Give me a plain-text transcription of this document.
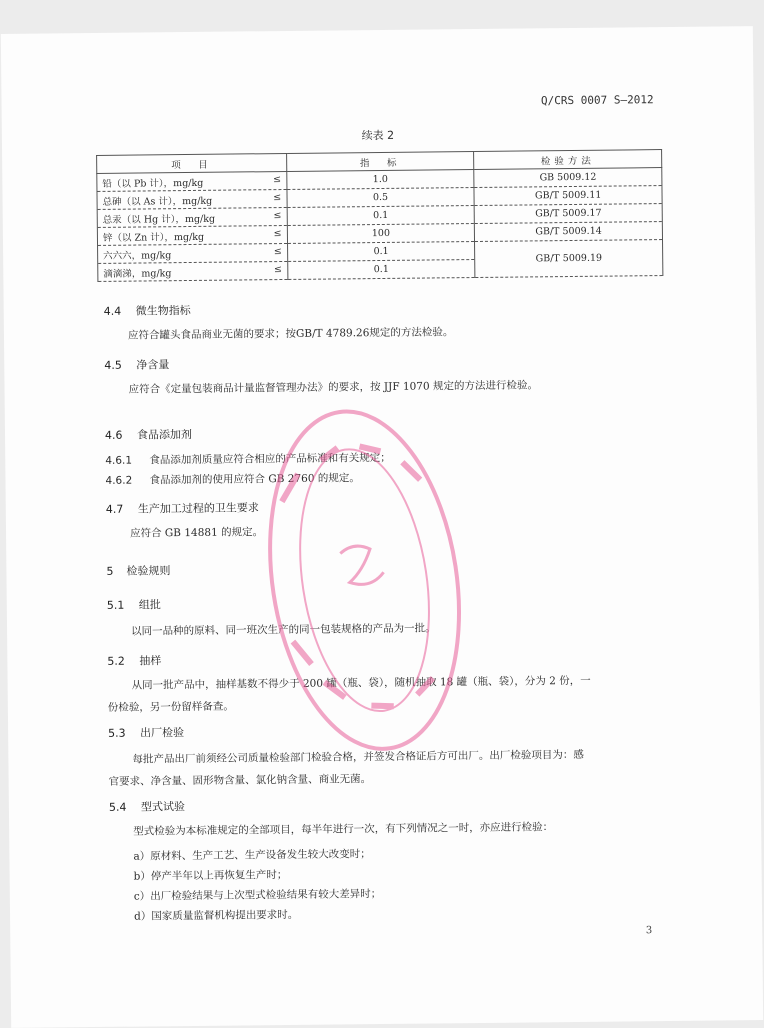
Q/CRS 0007 S—2012
续表 2
项　目	指　标	检验方法

铅（以 Pb 计），mg/kg ≤	1.0	GB 5009.12

总砷（以 As 计），mg/kg ≤	0.5	GB/T 5009.11

总汞（以 Hg 计），mg/kg ≤	0.1	GB/T 5009.17

锌（以 Zn 计），mg/kg ≤	100	GB/T 5009.14

六六六，mg/kg ≤	0.1	GB/T 5009.19

滴滴涕，mg/kg ≤	0.1	
4.4 微生物指标
应符合罐头食品商业无菌的要求；按GB/T 4789.26规定的方法检验。
4.5 净含量
应符合《定量包装商品计量监督管理办法》的要求，按 JJF 1070 规定的方法进行检验。
4.6 食品添加剂
4.6.1 食品添加剂质量应符合相应的产品标准和有关规定；
4.6.2 食品添加剂的使用应符合 GB 2760 的规定。
4.7 生产加工过程的卫生要求
应符合 GB 14881 的规定。
5 检验规则
5.1 组批
以同一品种的原料、同一班次生产的同一包装规格的产品为一批。
5.2 抽样
从同一批产品中，抽样基数不得少于 200 罐（瓶、袋），随机抽取 18 罐（瓶、袋），分为 2 份，一
份检验，另一份留样备查。
5.3 出厂检验
每批产品出厂前须经公司质量检验部门检验合格，并签发合格证后方可出厂。出厂检验项目为：感
官要求、净含量、固形物含量、氯化钠含量、商业无菌。
5.4 型式试验
型式检验为本标准规定的全部项目，每半年进行一次，有下列情况之一时，亦应进行检验：
a）原材料、生产工艺、生产设备发生较大改变时；
b）停产半年以上再恢复生产时；
c）出厂检验结果与上次型式检验结果有较大差异时；
d）国家质量监督机构提出要求时。
3
